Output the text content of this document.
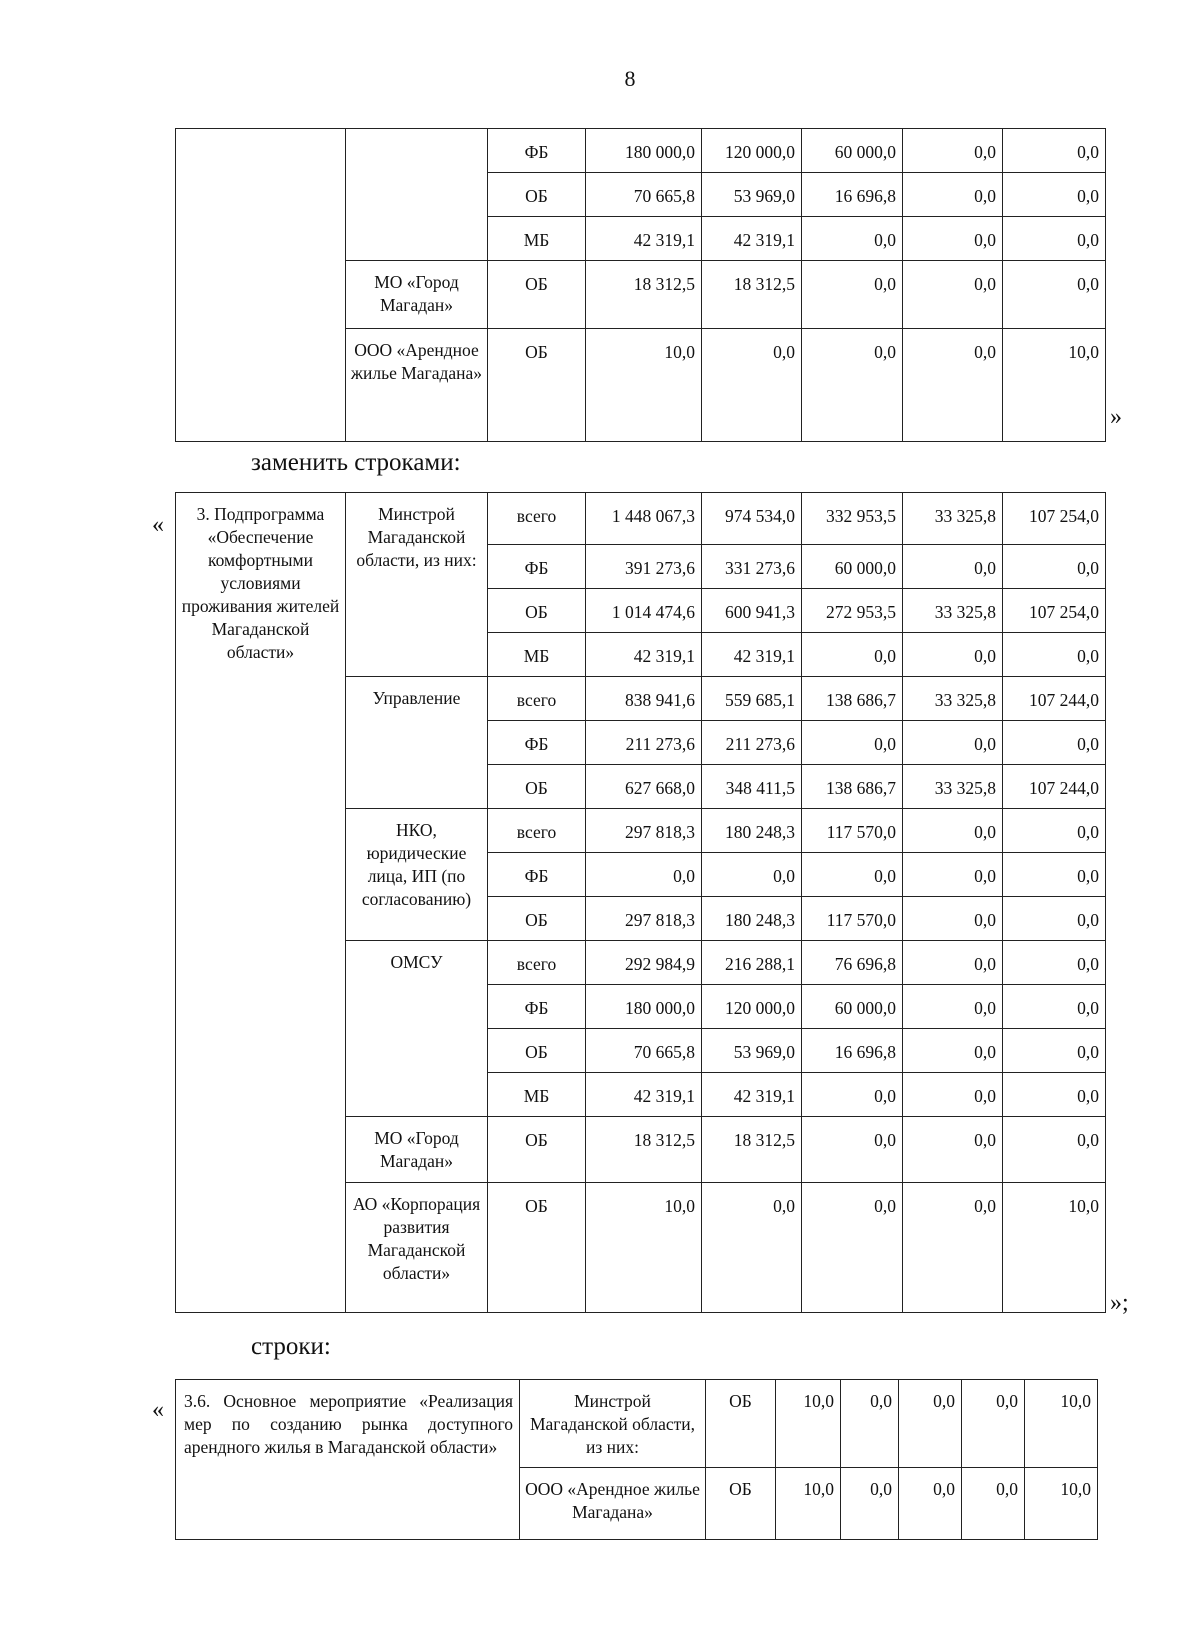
8
		ФБ	180 000,0	120 000,0	60 000,0	0,0	0,0
		ОБ	70 665,8	53 969,0	16 696,8	0,0	0,0
		МБ	42 319,1	42 319,1	0,0	0,0	0,0
	МО «Город Магадан»	ОБ	18 312,5	18 312,5	0,0	0,0	0,0
	ООО «Арендное жилье Магадана»	ОБ	10,0	0,0	0,0	0,0	10,0
»
заменить строками:
« 3. Подпрограмма «Обеспечение комфортными условиями проживания жителей Магаданской области»	Минстрой Магаданской области, из них:	всего	1 448 067,3	974 534,0	332 953,5	33 325,8	107 254,0
		ФБ	391 273,6	331 273,6	60 000,0	0,0	0,0
		ОБ	1 014 474,6	600 941,3	272 953,5	33 325,8	107 254,0
		МБ	42 319,1	42 319,1	0,0	0,0	0,0
	Управление	всего	838 941,6	559 685,1	138 686,7	33 325,8	107 244,0
		ФБ	211 273,6	211 273,6	0,0	0,0	0,0
		ОБ	627 668,0	348 411,5	138 686,7	33 325,8	107 244,0
	НКО, юридические лица, ИП (по согласованию)	всего	297 818,3	180 248,3	117 570,0	0,0	0,0
		ФБ	0,0	0,0	0,0	0,0	0,0
		ОБ	297 818,3	180 248,3	117 570,0	0,0	0,0
	ОМСУ	всего	292 984,9	216 288,1	76 696,8	0,0	0,0
		ФБ	180 000,0	120 000,0	60 000,0	0,0	0,0
		ОБ	70 665,8	53 969,0	16 696,8	0,0	0,0
		МБ	42 319,1	42 319,1	0,0	0,0	0,0
	МО «Город Магадан»	ОБ	18 312,5	18 312,5	0,0	0,0	0,0
	АО «Корпорация развития Магаданской области»	ОБ	10,0	0,0	0,0	0,0	10,0
»;
строки:
« 3.6. Основное мероприятие «Реализация мер по созданию рынка доступного арендного жилья в Магаданской области»	Минстрой Магаданской области, из них:	ОБ	10,0	0,0	0,0	0,0	10,0
	ООО «Арендное жилье Магадана»	ОБ	10,0	0,0	0,0	0,0	10,0
